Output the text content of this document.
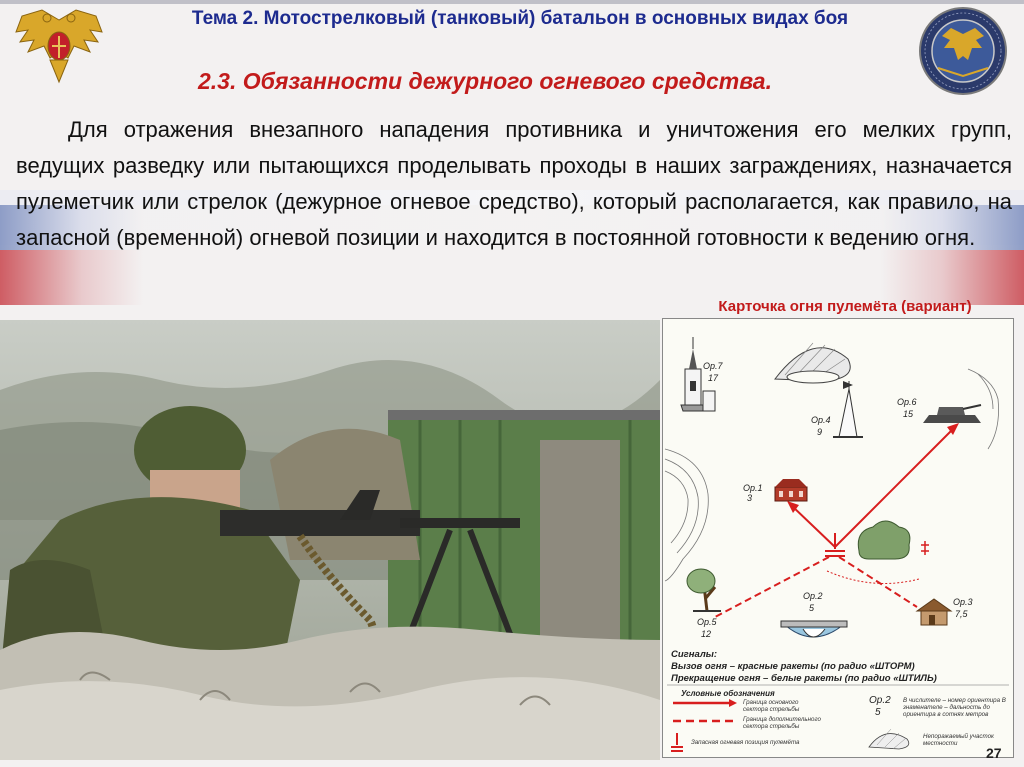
Тема 2. Мотострелковый (танковый) батальон в основных видах боя
2.3. Обязанности дежурного огневого средства.

Для отражения внезапного нападения противника и уничтожения его мелких групп, ведущих разведку или пытающихся проделывать проходы в наших заграждениях, назначается пулеметчик или стрелок (дежурное огневое средство), который располагается, как правило, на запасной (временной) огневой позиции и находится в постоянной готовности к ведению огня.

Карточка огня пулемёта (вариант)
Ор.7
17
Ор.4
9
Ор.6
15
Ор.1
3
Ор.2
5
Ор.3
7,5
Ор.5
12
Ор.2
5
Сигналы:
Вызов огня – красные ракеты (по радио «ШТОРМ)
Прекращение огня – белые ракеты (по радио «ШТИЛЬ)
Условные обозначения
Граница основного сектора стрельбы
Граница дополнительного сектора стрельбы
Запасная огневая позиция пулемёта
В числителе – номер ориентира В знаменателе – дальность до ориентира в сотнях метров
Непоражаемый участок местности
27
